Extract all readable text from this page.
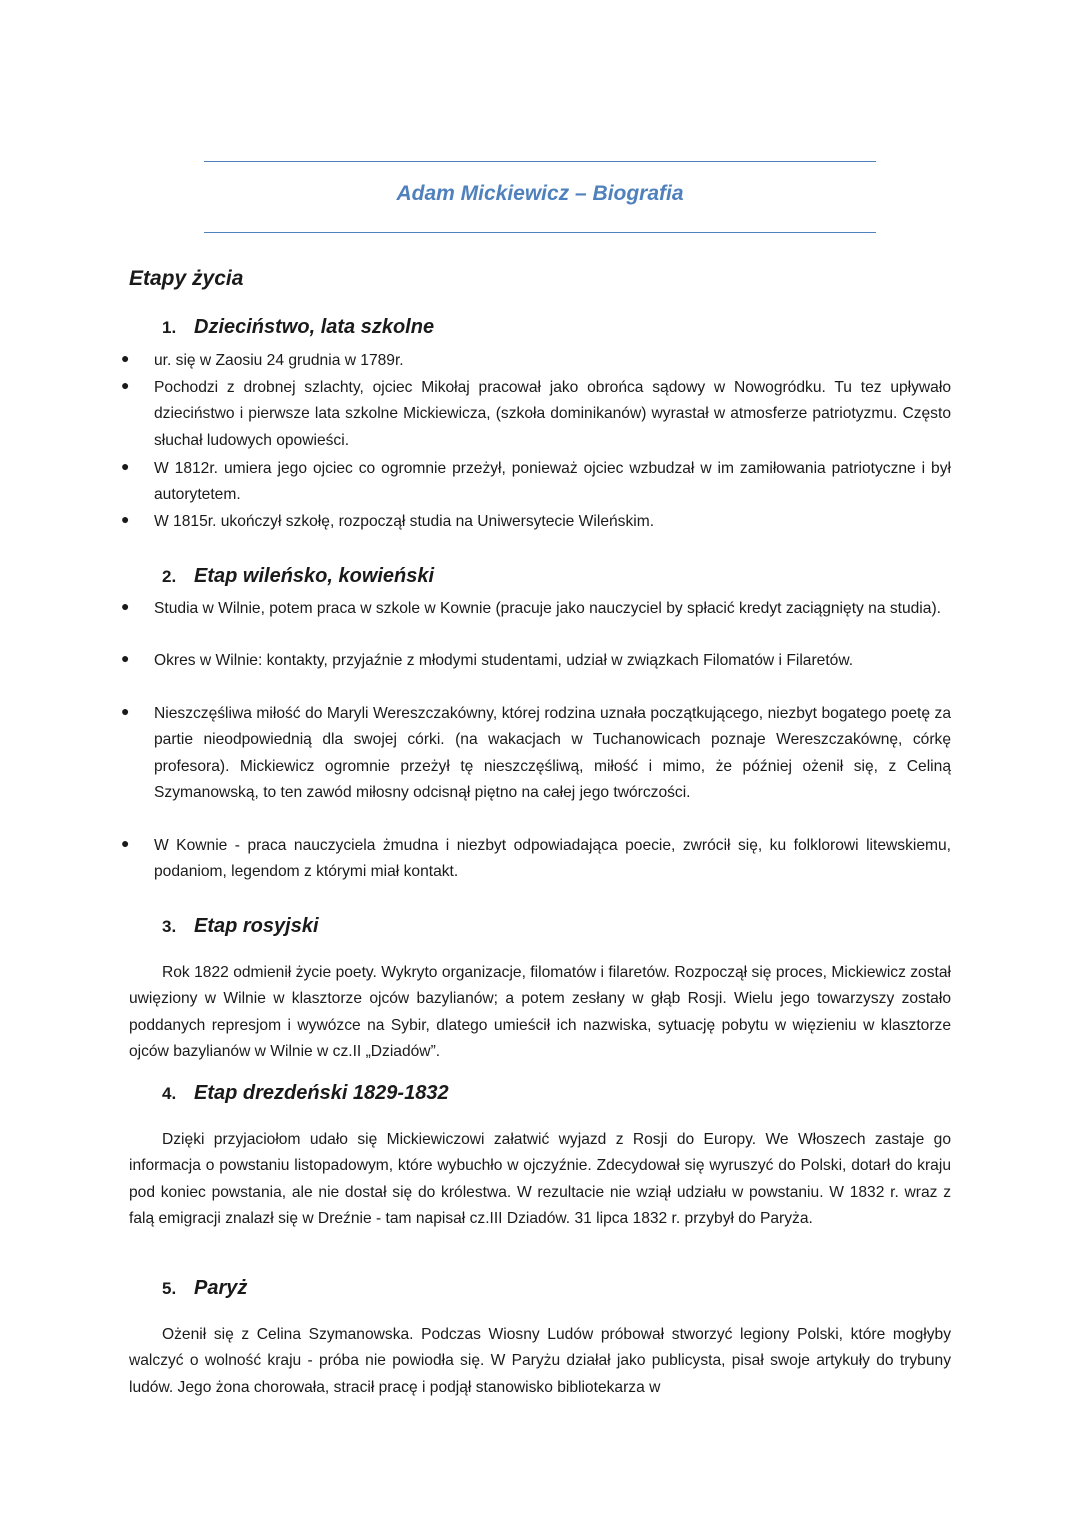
Adam Mickiewicz – Biografia
Etapy życia
1. Dzieciństwo, lata szkolne
● ur. się w Zaosiu 24 grudnia w 1789r.
● Pochodzi z drobnej szlachty, ojciec Mikołaj pracował jako obrońca sądowy w Nowogródku. Tu tez upływało dzieciństwo i pierwsze lata szkolne Mickiewicza, (szkoła dominikanów) wyrastał w atmosferze patriotyzmu. Często słuchał ludowych opowieści.
● W 1812r. umiera jego ojciec co ogromnie przeżył, ponieważ ojciec wzbudzał w im zamiłowania patriotyczne i był autorytetem.
● W 1815r. ukończył szkołę, rozpoczął studia na Uniwersytecie Wileńskim.
2. Etap wileńsko, kowieński
● Studia w Wilnie, potem praca w szkole w Kownie (pracuje jako nauczyciel by spłacić kredyt zaciągnięty na studia).
● Okres w Wilnie: kontakty, przyjaźnie z młodymi studentami, udział w związkach Filomatów i Filaretów.
● Nieszczęśliwa miłość do Maryli Wereszczakówny, której rodzina uznała początkującego, niezbyt bogatego poetę za partie nieodpowiednią dla swojej córki. (na wakacjach w Tuchanowicach poznaje Wereszczakównę, córkę profesora). Mickiewicz ogromnie przeżył tę nieszczęśliwą, miłość i mimo, że później ożenił się, z Celiną Szymanowską, to ten zawód miłosny odcisnął piętno na całej jego twórczości.
● W Kownie - praca nauczyciela żmudna i niezbyt odpowiadająca poecie, zwrócił się, ku folklorowi litewskiemu, podaniom, legendom z którymi miał kontakt.
3. Etap rosyjski
Rok 1822 odmienił życie poety. Wykryto organizacje, filomatów i filaretów. Rozpoczął się proces, Mickiewicz został uwięziony w Wilnie w klasztorze ojców bazylianów; a potem zesłany w głąb Rosji. Wielu jego towarzyszy zostało poddanych represjom i wywózce na Sybir, dlatego umieścił ich nazwiska, sytuację pobytu w więzieniu w klasztorze ojców bazylianów w Wilnie w cz.II „Dziadów”.
4. Etap drezdeński 1829-1832
Dzięki przyjaciołom udało się Mickiewiczowi załatwić wyjazd z Rosji do Europy. We Włoszech zastaje go informacja o powstaniu listopadowym, które wybuchło w ojczyźnie. Zdecydował się wyruszyć do Polski, dotarł do kraju pod koniec powstania, ale nie dostał się do królestwa. W rezultacie nie wziął udziału w powstaniu. W 1832 r. wraz z falą emigracji znalazł się w Dreźnie - tam napisał cz.III Dziadów. 31 lipca 1832 r. przybył do Paryża.
5. Paryż
Ożenił się z Celina Szymanowska. Podczas Wiosny Ludów próbował stworzyć legiony Polski, które mogłyby walczyć o wolność kraju - próba nie powiodła się. W Paryżu działał jako publicysta, pisał swoje artykuły do trybuny ludów. Jego żona chorowała, stracił pracę i podjął stanowisko bibliotekarza w
